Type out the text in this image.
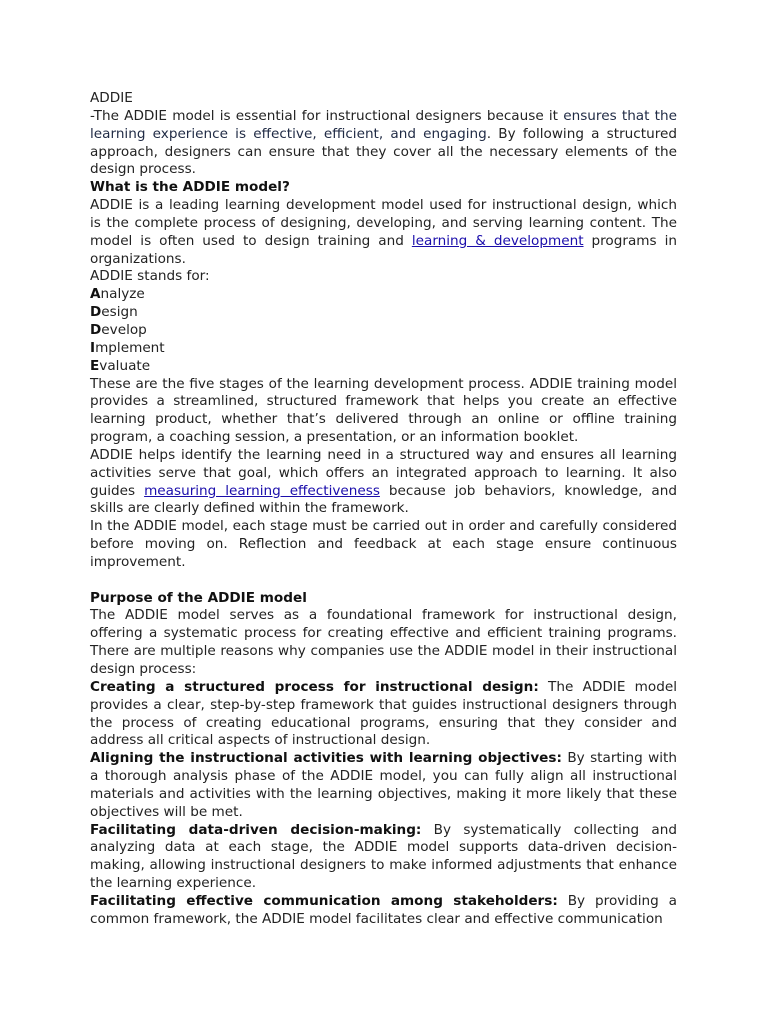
ADDIE

-The ADDIE model is essential for instructional designers because it ensures that the learning experience is effective, efficient, and engaging. By following a structured approach, designers can ensure that they cover all the necessary elements of the design process.

What is the ADDIE model?

ADDIE is a leading learning development model used for instructional design, which is the complete process of designing, developing, and serving learning content. The model is often used to design training and learning & development programs in organizations.

ADDIE stands for:

Analyze

Design

Develop

Implement

Evaluate

These are the five stages of the learning development process. ADDIE training model provides a streamlined, structured framework that helps you create an effective learning product, whether that’s delivered through an online or offline training program, a coaching session, a presentation, or an information booklet.

ADDIE helps identify the learning need in a structured way and ensures all learning activities serve that goal, which offers an integrated approach to learning. It also guides measuring learning effectiveness because job behaviors, knowledge, and skills are clearly defined within the framework.

In the ADDIE model, each stage must be carried out in order and carefully considered before moving on. Reflection and feedback at each stage ensure continuous improvement.

Purpose of the ADDIE model

The ADDIE model serves as a foundational framework for instructional design, offering a systematic process for creating effective and efficient training programs. There are multiple reasons why companies use the ADDIE model in their instructional design process:

Creating a structured process for instructional design: The ADDIE model provides a clear, step-by-step framework that guides instructional designers through the process of creating educational programs, ensuring that they consider and address all critical aspects of instructional design.

Aligning the instructional activities with learning objectives: By starting with a thorough analysis phase of the ADDIE model, you can fully align all instructional materials and activities with the learning objectives, making it more likely that these objectives will be met.

Facilitating data-driven decision-making: By systematically collecting and analyzing data at each stage, the ADDIE model supports data-driven decision-making, allowing instructional designers to make informed adjustments that enhance the learning experience.

Facilitating effective communication among stakeholders: By providing a common framework, the ADDIE model facilitates clear and effective communication
